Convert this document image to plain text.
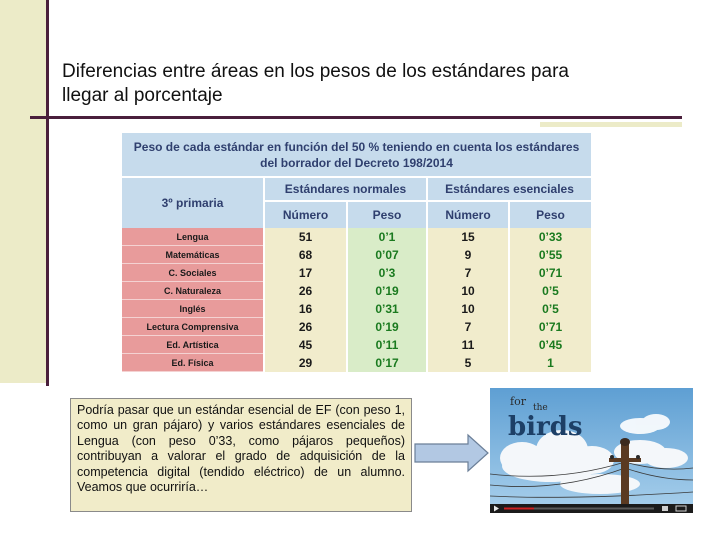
Diferencias entre áreas en los pesos de los estándares para
llegar al porcentaje
Peso de cada estándar en función del 50 % teniendo en cuenta los estándares
del borrador del Decreto 198/2014				

3º primaria	Estándares normales		Estándares esenciales	
	Número	Peso	Número	Peso
Lengua	51	0’1	15	0’33
Matemáticas	68	0’07	9	0’55
C. Sociales	17	0’3	7	0’71
C. Naturaleza	26	0’19	10	0’5
Inglés	16	0’31	10	0’5
Lectura Comprensiva	26	0’19	7	0’71
Ed. Artística	45	0’11	11	0’45
Ed. Física	29	0’17	5	1
Podría pasar que un estándar esencial de EF (con peso 1, como un gran pájaro) y varios estándares esenciales de Lengua (con peso 0’33, como pájaros pequeños) contribuyan a valorar el grado de adquisición de la competencia digital (tendido eléctrico) de un alumno. Veamos que ocurriría…
for the
birds
